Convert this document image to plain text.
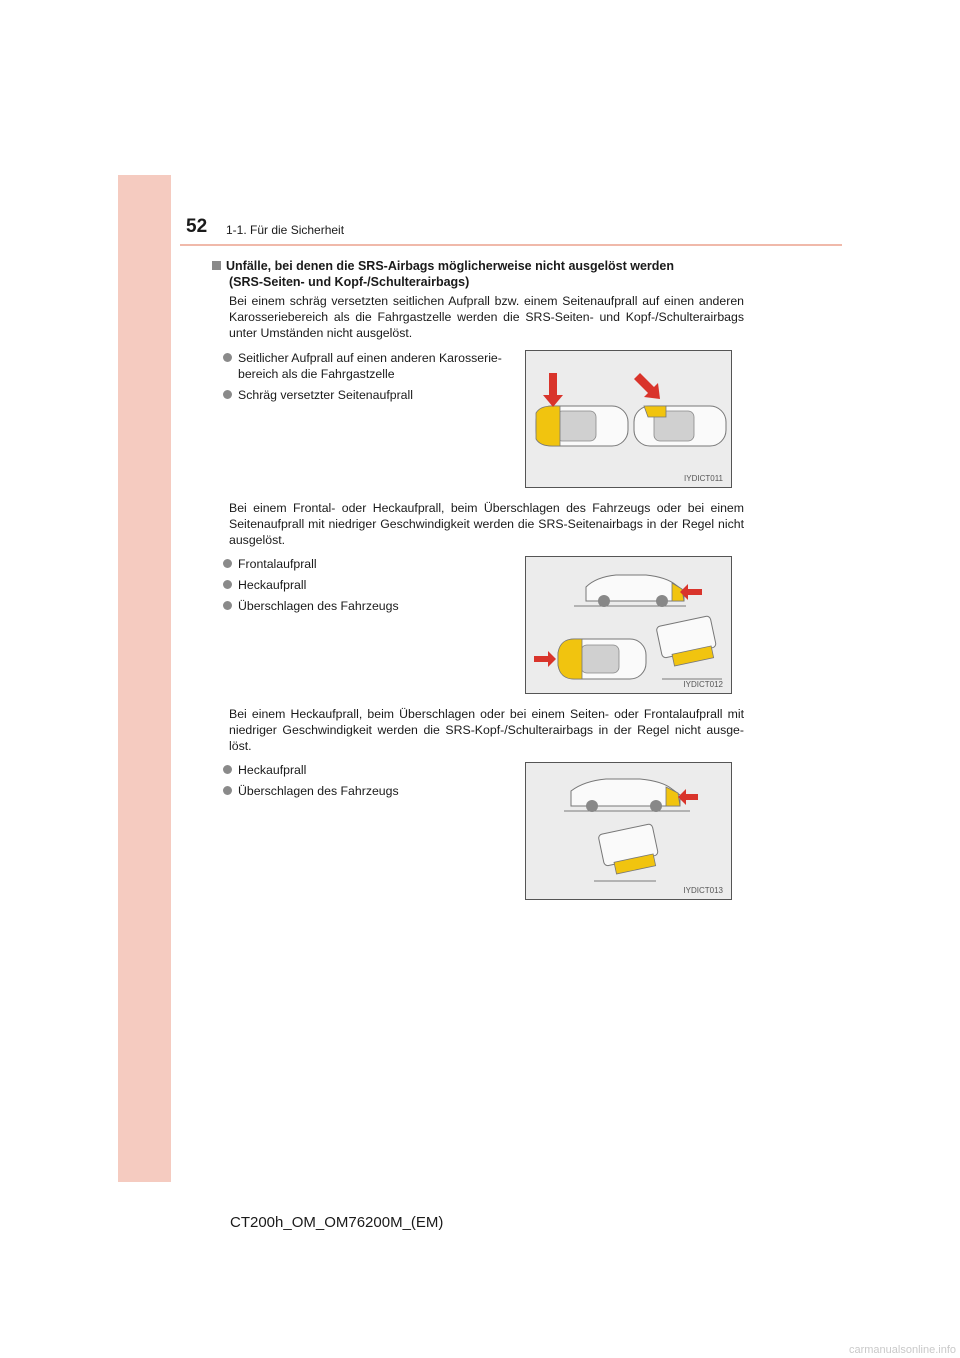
52 1-1. Für die Sicherheit
Unfälle, bei denen die SRS-Airbags möglicherweise nicht ausgelöst werden
(SRS-Seiten- und Kopf-/Schulterairbags)
Bei einem schräg versetzten seitlichen Aufprall bzw. einem Seitenaufprall auf einen anderen Karosseriebereich als die Fahrgastzelle werden die SRS-Seiten- und Kopf-/Schulterairbags unter Umständen nicht ausgelöst.
Seitlicher Aufprall auf einen anderen Karosserie-bereich als die Fahrgastzelle
Schräg versetzter Seitenaufprall
IYDICT011
Bei einem Frontal- oder Heckaufprall, beim Überschlagen des Fahrzeugs oder bei einem Seitenaufprall mit niedriger Geschwindigkeit werden die SRS-Seitenairbags in der Regel nicht ausgelöst.
Frontalaufprall
Heckaufprall
Überschlagen des Fahrzeugs
IYDICT012
Bei einem Heckaufprall, beim Überschlagen oder bei einem Seiten- oder Frontalaufprall mit niedriger Geschwindigkeit werden die SRS-Kopf-/Schulterairbags in der Regel nicht ausge-löst.
Heckaufprall
Überschlagen des Fahrzeugs
IYDICT013
CT200h_OM_OM76200M_(EM)
carmanualsonline.info
